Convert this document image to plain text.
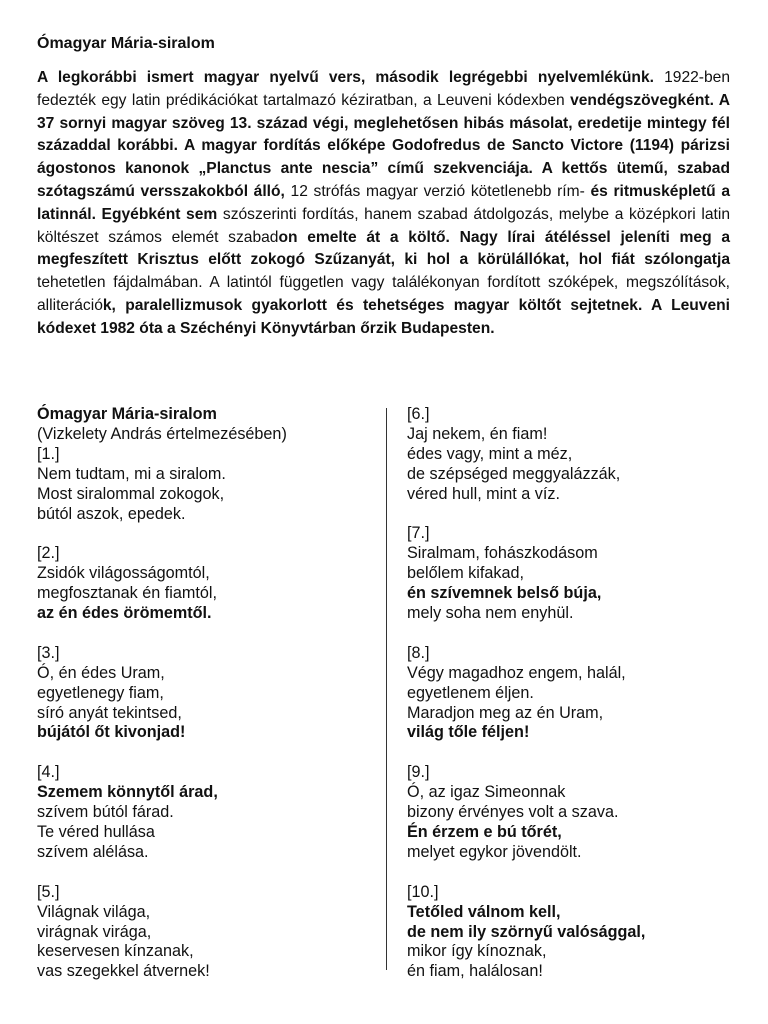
Ómagyar Mária-siralom

A legkorábbi ismert magyar nyelvű vers, második legrégebbi nyelvemlékünk. 1922-ben fedezték egy latin prédikációkat tartalmazó kéziratban, a Leuveni kódexben vendégszövegként. A 37 sornyi magyar szöveg 13. század végi, meglehetősen hibás másolat, eredetije mintegy fél századdal korábbi. A magyar fordítás előképe Godofredus de Sancto Victore (1194) párizsi ágostonos kanonok „Planctus ante nescia” című szekvenciája. A kettős ütemű, szabad szótagszámú versszakokból álló, 12 strófás magyar verzió kötetlenebb rím- és ritmusképletű a latinnál. Egyébként sem szószerinti fordítás, hanem szabad átdolgozás, melybe a középkori latin költészet számos elemét szabadon emelte át a költő. Nagy lírai átéléssel jeleníti meg a megfeszített Krisztus előtt zokogó Szűzanyát, ki hol a körülállókat, hol fiát szólongatja tehetetlen fájdalmában. A latintól független vagy találékonyan fordított szóképek, megszólítások, alliterációk, paralellizmusok gyakorlott és tehetséges magyar költőt sejtetnek. A Leuveni kódexet 1982 óta a Széchényi Könyvtárban őrzik Budapesten.

Ómagyar Mária-siralom
(Vizkelety András értelmezésében)
[1.]
Nem tudtam, mi a siralom.
Most siralommal zokogok,
bútól aszok, epedek.
[2.]
Zsidók világosságomtól,
megfosztanak én fiamtól,
az én édes örömemtől.
[3.]
Ó, én édes Uram,
egyetlenegy fiam,
síró anyát tekintsed,
bújától őt kivonjad!
[4.]
Szemem könnytől árad,
szívem bútól fárad.
Te véred hullása
szívem alélása.
[5.]
Világnak világa,
virágnak virága,
keservesen kínzanak,
vas szegekkel átvernek!
[6.]
Jaj nekem, én fiam!
édes vagy, mint a méz,
de szépséged meggyalázzák,
véred hull, mint a víz.
[7.]
Siralmam, fohászkodásom
belőlem kifakad,
én szívemnek belső búja,
mely soha nem enyhül.
[8.]
Végy magadhoz engem, halál,
egyetlenem éljen.
Maradjon meg az én Uram,
világ tőle féljen!
[9.]
Ó, az igaz Simeonnak
bizony érvényes volt a szava.
Én érzem e bú tőrét,
melyet egykor jövendölt.
[10.]
Tetőled válnom kell,
de nem ily szörnyű valósággal,
mikor így kínoznak,
én fiam, halálosan!
